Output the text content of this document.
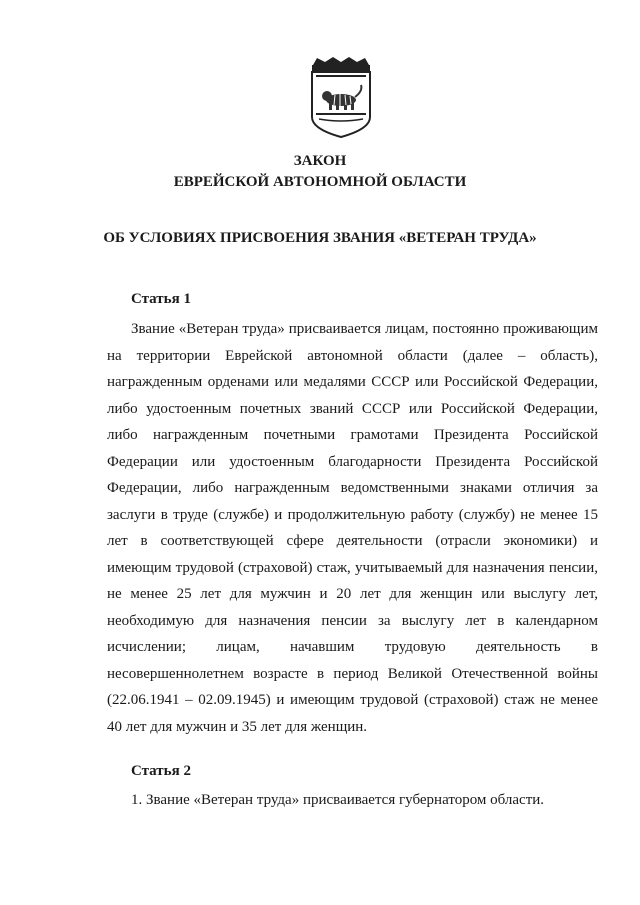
ЗАКОН
ЕВРЕЙСКОЙ АВТОНОМНОЙ ОБЛАСТИ
ОБ УСЛОВИЯХ ПРИСВОЕНИЯ ЗВАНИЯ «ВЕТЕРАН ТРУДА»
Статья 1

Звание «Ветеран труда» присваивается лицам, постоянно проживающим на территории Еврейской автономной области (далее – область), награжденным орденами или медалями СССР или Российской Федерации, либо удостоенным почетных званий СССР или Российской Федерации, либо награжденным почетными грамотами Президента Российской Федерации или удостоенным благодарности Президента Российской Федерации, либо награжденным ведомственными знаками отличия за заслуги в труде (службе) и продолжительную работу (службу) не менее 15 лет в соответствующей сфере деятельности (отрасли экономики) и имеющим трудовой (страховой) стаж, учитываемый для назначения пенсии, не менее 25 лет для мужчин и 20 лет для женщин или выслугу лет, необходимую для назначения пенсии за выслугу лет в календарном исчислении; лицам, начавшим трудовую деятельность в несовершеннолетнем возрасте в период Великой Отечественной войны (22.06.1941 – 02.09.1945) и имеющим трудовой (страховой) стаж не менее 40 лет для мужчин и 35 лет для женщин.

Статья 2

1. Звание «Ветеран труда» присваивается губернатором области.
